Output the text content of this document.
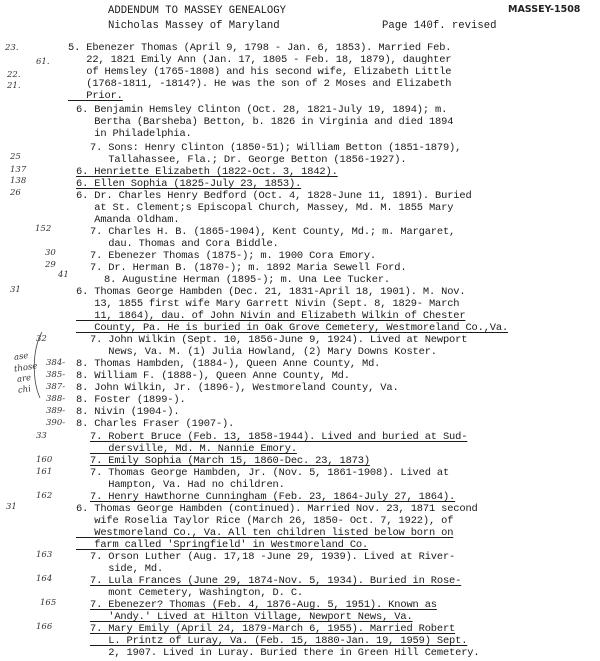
MASSEY-1508
ADDENDUM TO MASSEY GENEALOGY
Nicholas Massey of Maryland	Page 140f. revised
23.
61.
22.
21.
25
137
138
26
152
30
29
41
31
32
384-
385-
387-
388-
389-
390-
33
160
161
162
31
163
164
165
166
ase
those
are
chi
5. Ebenezer Thomas (April 9, 1798 - Jan. 6, 1853). Married Feb.
22, 1821 Emily Ann (Jan. 17, 1805 - Feb. 18, 1879), daughter
of Hemsley (1765-1808) and his second wife, Elizabeth Little
(1768-1811, -1814?). He was the son of 2 Moses and Elizabeth
Prior.
6. Benjamin Hemsley Clinton (Oct. 28, 1821-July 19, 1894); m.
Bertha (Barsheba) Betton, b. 1826 in Virginia and died 1894
in Philadelphia.
7. Sons: Henry Clinton (1850-51); William Betton (1851-1879),
Tallahassee, Fla.; Dr. George Betton (1856-1927).
6. Henriette Elizabeth (1822-Oct. 3, 1842).
6. Ellen Sophia (1825-July 23, 1853).
6. Dr. Charles Henry Bedford (Oct. 4, 1828-June 11, 1891). Buried
at St. Clement;s Episcopal Church, Massey, Md. M. 1855 Mary
Amanda Oldham.
7. Charles H. B. (1865-1904), Kent County, Md.; m. Margaret,
dau. Thomas and Cora Biddle.
7. Ebenezer Thomas (1875-); m. 1900 Cora Emory.
7. Dr. Herman B. (1870-); m. 1892 Maria Sewell Ford.
8. Augustine Herman (1895-); m. Una Lee Tucker.
6. Thomas George Hambden (Dec. 21, 1831-April 18, 1901). M. Nov.
13, 1855 first wife Mary Garrett Nivin (Sept. 8, 1829- March
11, 1864), dau. of John Nivin and Elizabeth Wilkin of Chester
County, Pa. He is buried in Oak Grove Cemetery, Westmoreland Co.,Va.
7. John Wilkin (Sept. 10, 1856-June 9, 1924). Lived at Newport
News, Va. M. (1) Julia Howland, (2) Mary Downs Koster.
8. Thomas Hambden, (1884-), Queen Anne County, Md.
8. William F. (1888-), Queen Anne County, Md.
8. John Wilkin, Jr. (1896-), Westmoreland County, Va.
8. Foster (1899-).
8. Nivin (1904-).
8. Charles Fraser (1907-).
7. Robert Bruce (Feb. 13, 1858-1944). Lived and buried at Sud-
dersville, Md. M. Nannie Emory.
7. Emily Sophia (March 15, 1860-Dec. 23, 1873)
7. Thomas George Hambden, Jr. (Nov. 5, 1861-1908). Lived at
Hampton, Va. Had no children.
7. Henry Hawthorne Cunningham (Feb. 23, 1864-July 27, 1864).
6. Thomas George Hambden (continued). Married Nov. 23, 1871 second
wife Roselia Taylor Rice (March 26, 1850- Oct. 7, 1922), of
Westmoreland Co., Va. All ten children listed below born on
farm called 'Springfield' in Westmoreland Co.
7. Orson Luther (Aug. 17,18 -June 29, 1939). Lived at River-
side, Md.
7. Lula Frances (June 29, 1874-Nov. 5, 1934). Buried in Rose-
mont Cemetery, Washington, D. C.
7. Ebenezer? Thomas (Feb. 4, 1876-Aug. 5, 1951). Known as
'Andy.' Lived at Hilton Village, Newport News, Va.
7. Mary Emily (April 24, 1879-March 6, 1955). Married Robert
L. Printz of Luray, Va. (Feb. 15, 1880-Jan. 19, 1959) Sept.
2, 1907. Lived in Luray. Buried there in Green Hill Cemetery.
